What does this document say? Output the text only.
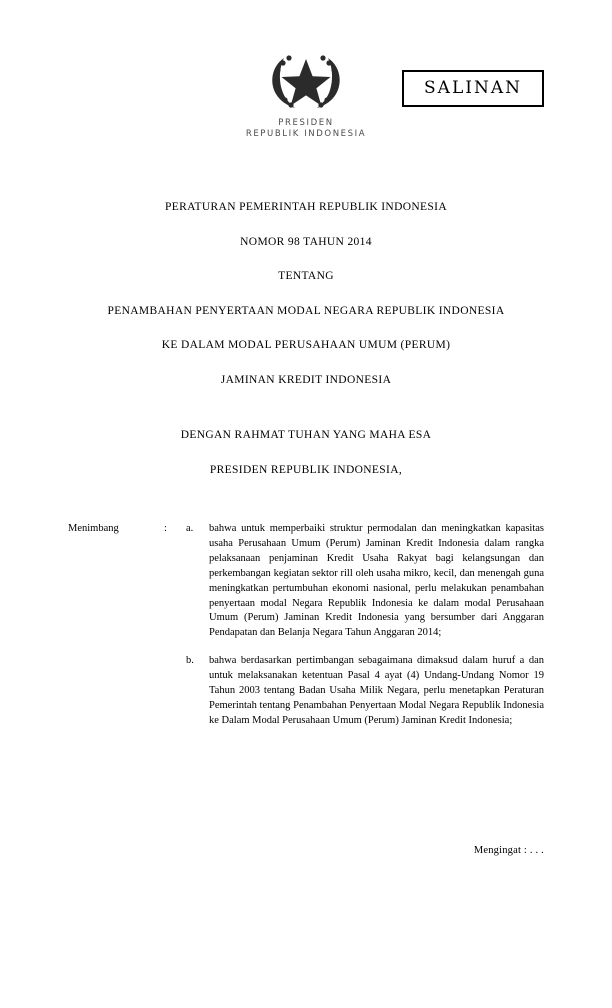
PRESIDEN
REPUBLIK INDONESIA
SALINAN
PERATURAN PEMERINTAH REPUBLIK INDONESIA
NOMOR 98 TAHUN 2014
TENTANG
PENAMBAHAN PENYERTAAN MODAL NEGARA REPUBLIK INDONESIA
KE DALAM MODAL PERUSAHAAN UMUM (PERUM)
JAMINAN KREDIT INDONESIA
DENGAN RAHMAT TUHAN YANG MAHA ESA
PRESIDEN REPUBLIK INDONESIA,
Menimbang	:	a.	bahwa untuk memperbaiki struktur permodalan dan meningkatkan kapasitas usaha Perusahaan Umum (Perum) Jaminan Kredit Indonesia dalam rangka pelaksanaan penjaminan Kredit Usaha Rakyat bagi kelangsungan dan perkembangan kegiatan sektor rill oleh usaha mikro, kecil, dan menengah guna meningkatkan pertumbuhan ekonomi nasional, perlu melakukan penambahan penyertaan modal Negara Republik Indonesia ke dalam modal Perusahaan Umum (Perum) Jaminan Kredit Indonesia yang bersumber dari Anggaran Pendapatan dan Belanja Negara Tahun Anggaran 2014;
b.	bahwa berdasarkan pertimbangan sebagaimana dimaksud dalam huruf a dan untuk melaksanakan ketentuan Pasal 4 ayat (4) Undang-Undang Nomor 19 Tahun 2003 tentang Badan Usaha Milik Negara, perlu menetapkan Peraturan Pemerintah tentang Penambahan Penyertaan Modal Negara Republik Indonesia ke Dalam Modal Perusahaan Umum (Perum) Jaminan Kredit Indonesia;
Mengingat : . . .
